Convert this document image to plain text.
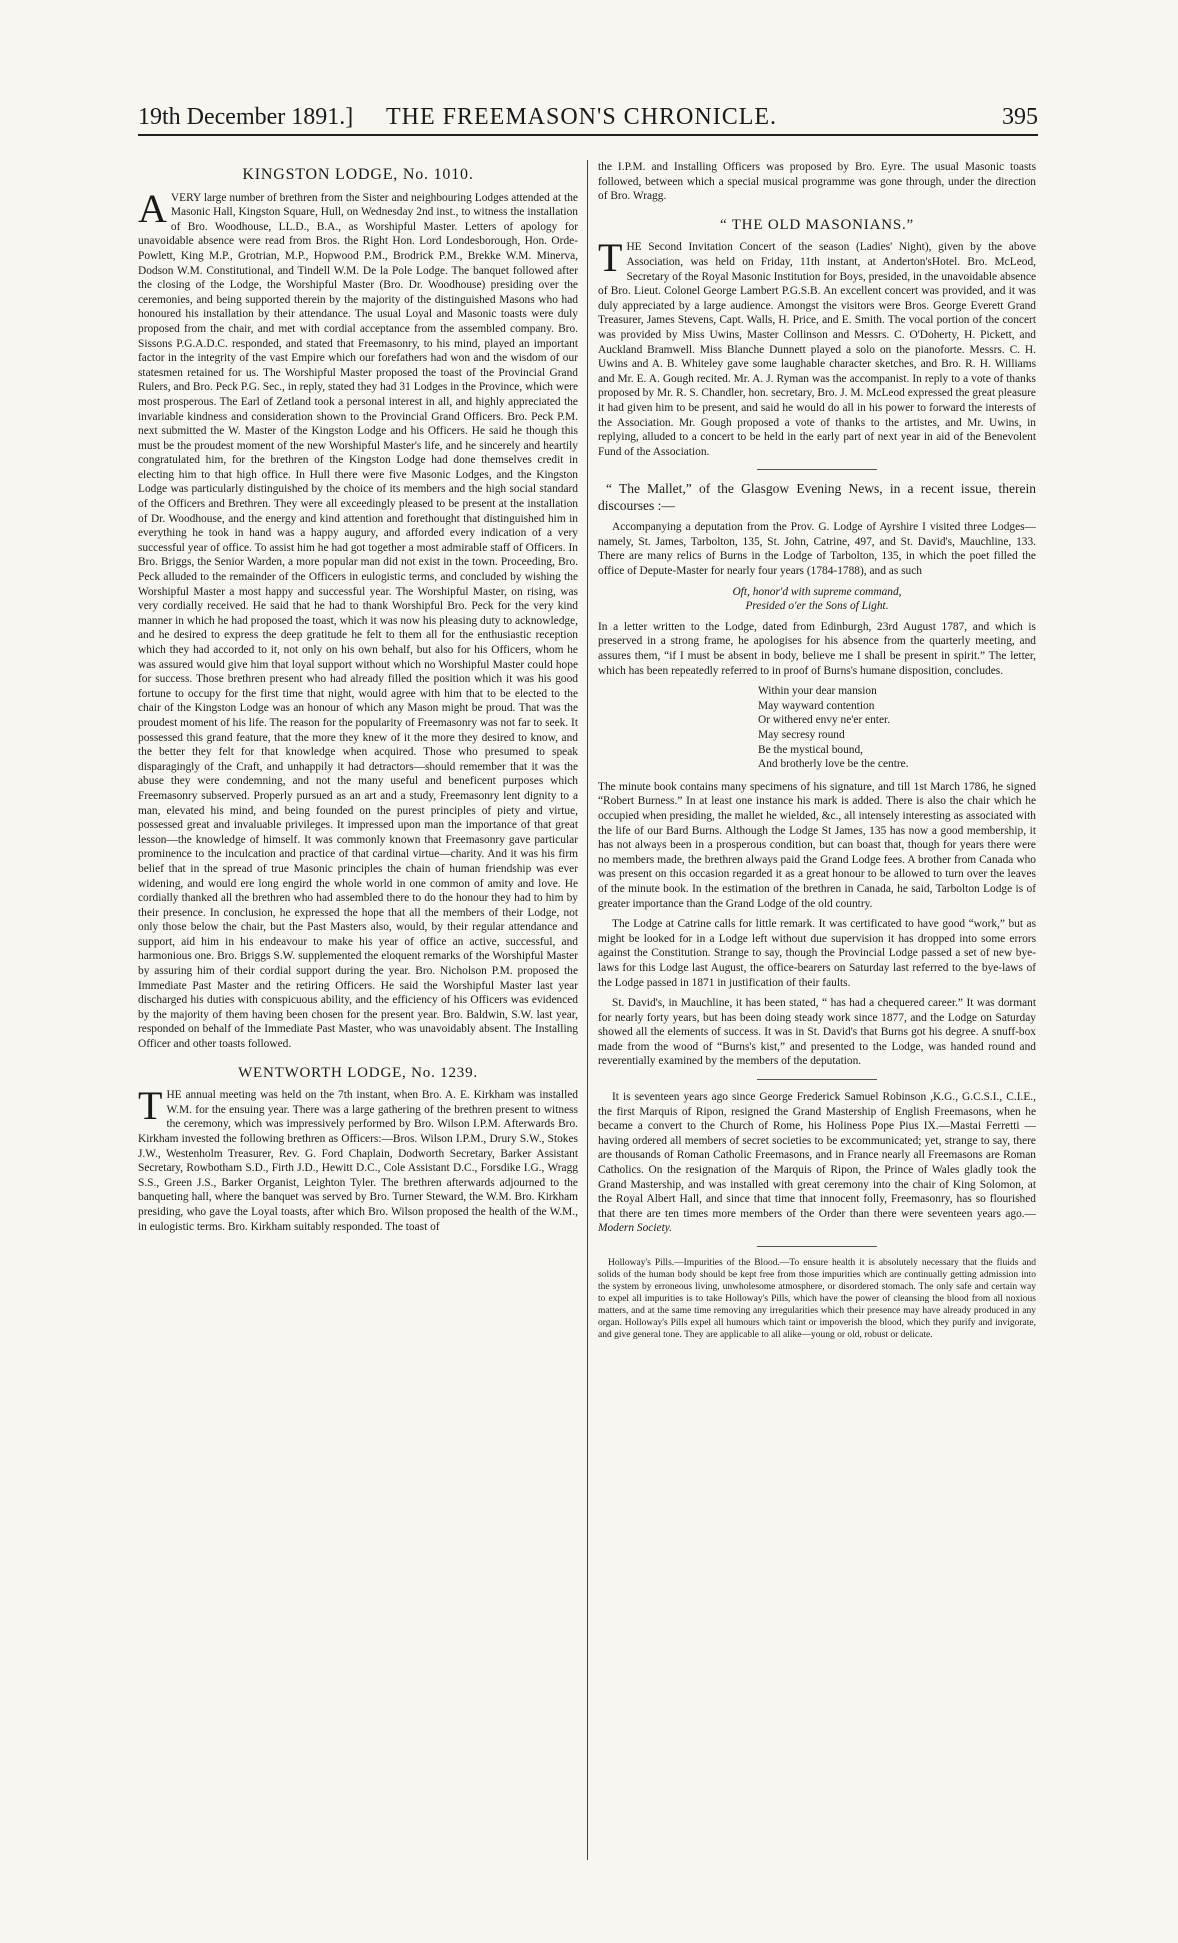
19th December 1891.] THE FREEMASON'S CHRONICLE.	395
KINGSTON LODGE, No. 1010.

AVERY large number of brethren from the Sister and neighbouring Lodges attended at the Masonic Hall, Kingston Square, Hull, on Wednesday 2nd inst., to witness the installation of Bro. Woodhouse, LL.D., B.A., as Worshipful Master. Letters of apology for unavoidable absence were read from Bros. the Right Hon. Lord Londesborough, Hon. Orde-Powlett, King M.P., Grotrian, M.P., Hopwood P.M., Brodrick P.M., Brekke W.M. Minerva, Dodson W.M. Constitutional, and Tindell W.M. De la Pole Lodge. The banquet followed after the closing of the Lodge, the Worshipful Master (Bro. Dr. Woodhouse) presiding over the ceremonies, and being supported therein by the majority of the distinguished Masons who had honoured his installation by their attendance. The usual Loyal and Masonic toasts were duly proposed from the chair, and met with cordial acceptance from the assembled company. Bro. Sissons P.G.A.D.C. responded, and stated that Freemasonry, to his mind, played an important factor in the integrity of the vast Empire which our forefathers had won and the wisdom of our statesmen retained for us. The Worshipful Master proposed the toast of the Provincial Grand Rulers, and Bro. Peck P.G. Sec., in reply, stated they had 31 Lodges in the Province, which were most prosperous. The Earl of Zetland took a personal interest in all, and highly appreciated the invariable kindness and consideration shown to the Provincial Grand Officers. Bro. Peck P.M. next submitted the W. Master of the Kingston Lodge and his Officers. He said he though this must be the proudest moment of the new Worshipful Master's life, and he sincerely and heartily congratulated him, for the brethren of the Kingston Lodge had done themselves credit in electing him to that high office. In Hull there were five Masonic Lodges, and the Kingston Lodge was particularly distinguished by the choice of its members and the high social standard of the Officers and Brethren. They were all exceedingly pleased to be present at the installation of Dr. Woodhouse, and the energy and kind attention and forethought that distinguished him in everything he took in hand was a happy augury, and afforded every indication of a very successful year of office. To assist him he had got together a most admirable staff of Officers. In Bro. Briggs, the Senior Warden, a more popular man did not exist in the town. Proceeding, Bro. Peck alluded to the remainder of the Officers in eulogistic terms, and concluded by wishing the Worshipful Master a most happy and successful year. The Worshipful Master, on rising, was very cordially received. He said that he had to thank Worshipful Bro. Peck for the very kind manner in which he had proposed the toast, which it was now his pleasing duty to acknowledge, and he desired to express the deep gratitude he felt to them all for the enthusiastic reception which they had accorded to it, not only on his own behalf, but also for his Officers, whom he was assured would give him that loyal support without which no Worshipful Master could hope for success. Those brethren present who had already filled the position which it was his good fortune to occupy for the first time that night, would agree with him that to be elected to the chair of the Kingston Lodge was an honour of which any Mason might be proud. That was the proudest moment of his life. The reason for the popularity of Freemasonry was not far to seek. It possessed this grand feature, that the more they knew of it the more they desired to know, and the better they felt for that knowledge when acquired. Those who presumed to speak disparagingly of the Craft, and unhappily it had detractors—should remember that it was the abuse they were condemning, and not the many useful and beneficent purposes which Freemasonry subserved. Properly pursued as an art and a study, Freemasonry lent dignity to a man, elevated his mind, and being founded on the purest principles of piety and virtue, possessed great and invaluable privileges. It impressed upon man the importance of that great lesson—the knowledge of himself. It was commonly known that Freemasonry gave particular prominence to the inculcation and practice of that cardinal virtue—charity. And it was his firm belief that in the spread of true Masonic principles the chain of human friendship was ever widening, and would ere long engird the whole world in one common of amity and love. He cordially thanked all the brethren who had assembled there to do the honour they had to him by their presence. In conclusion, he expressed the hope that all the members of their Lodge, not only those below the chair, but the Past Masters also, would, by their regular attendance and support, aid him in his endeavour to make his year of office an active, successful, and harmonious one. Bro. Briggs S.W. supplemented the eloquent remarks of the Worshipful Master by assuring him of their cordial support during the year. Bro. Nicholson P.M. proposed the Immediate Past Master and the retiring Officers. He said the Worshipful Master last year discharged his duties with conspicuous ability, and the efficiency of his Officers was evidenced by the majority of them having been chosen for the present year. Bro. Baldwin, S.W. last year, responded on behalf of the Immediate Past Master, who was unavoidably absent. The Installing Officer and other toasts followed.

WENTWORTH LODGE, No. 1239.

THE annual meeting was held on the 7th instant, when Bro. A. E. Kirkham was installed W.M. for the ensuing year. There was a large gathering of the brethren present to witness the ceremony, which was impressively performed by Bro. Wilson I.P.M. Afterwards Bro. Kirkham invested the following brethren as Officers:—Bros. Wilson I.P.M., Drury S.W., Stokes J.W., Westenholm Treasurer, Rev. G. Ford Chaplain, Dodworth Secretary, Barker Assistant Secretary, Rowbotham S.D., Firth J.D., Hewitt D.C., Cole Assistant D.C., Forsdike I.G., Wragg S.S., Green J.S., Barker Organist, Leighton Tyler. The brethren afterwards adjourned to the banqueting hall, where the banquet was served by Bro. Turner Steward, the W.M. Bro. Kirkham presiding, who gave the Loyal toasts, after which Bro. Wilson proposed the health of the W.M., in eulogistic terms. Bro. Kirkham suitably responded. The toast of

the I.P.M. and Installing Officers was proposed by Bro. Eyre. The usual Masonic toasts followed, between which a special musical programme was gone through, under the direction of Bro. Wragg.

“ THE OLD MASONIANS.”

THE Second Invitation Concert of the season (Ladies' Night), given by the above Association, was held on Friday, 11th instant, at Anderton'sHotel. Bro. McLeod, Secretary of the Royal Masonic Institution for Boys, presided, in the unavoidable absence of Bro. Lieut. Colonel George Lambert P.G.S.B. An excellent concert was provided, and it was duly appreciated by a large audience. Amongst the visitors were Bros. George Everett Grand Treasurer, James Stevens, Capt. Walls, H. Price, and E. Smith. The vocal portion of the concert was provided by Miss Uwins, Master Collinson and Messrs. C. O'Doherty, H. Pickett, and Auckland Bramwell. Miss Blanche Dunnett played a solo on the pianoforte. Messrs. C. H. Uwins and A. B. Whiteley gave some laughable character sketches, and Bro. R. H. Williams and Mr. E. A. Gough recited. Mr. A. J. Ryman was the accompanist. In reply to a vote of thanks proposed by Mr. R. S. Chandler, hon. secretary, Bro. J. M. McLeod expressed the great pleasure it had given him to be present, and said he would do all in his power to forward the interests of the Association. Mr. Gough proposed a vote of thanks to the artistes, and Mr. Uwins, in replying, alluded to a concert to be held in the early part of next year in aid of the Benevolent Fund of the Association.

“ The Mallet,” of the Glasgow Evening News, in a recent issue, therein discourses :—

Accompanying a deputation from the Prov. G. Lodge of Ayrshire I visited three Lodges—namely, St. James, Tarbolton, 135, St. John, Catrine, 497, and St. David's, Mauchline, 133. There are many relics of Burns in the Lodge of Tarbolton, 135, in which the poet filled the office of Depute-Master for nearly four years (1784-1788), and as such

Oft, honor'd with supreme command,
Presided o'er the Sons of Light.

In a letter written to the Lodge, dated from Edinburgh, 23rd August 1787, and which is preserved in a strong frame, he apologises for his absence from the quarterly meeting, and assures them, “if I must be absent in body, believe me I shall be present in spirit.” The letter, which has been repeatedly referred to in proof of Burns's humane disposition, concludes.

Within your dear mansion
May wayward contention
Or withered envy ne'er enter.
May secresy round
Be the mystical bound,
And brotherly love be the centre.

The minute book contains many specimens of his signature, and till 1st March 1786, he signed “Robert Burness.” In at least one instance his mark is added. There is also the chair which he occupied when presiding, the mallet he wielded, &c., all intensely interesting as associated with the life of our Bard Burns. Although the Lodge St James, 135 has now a good membership, it has not always been in a prosperous condition, but can boast that, though for years there were no members made, the brethren always paid the Grand Lodge fees. A brother from Canada who was present on this occasion regarded it as a great honour to be allowed to turn over the leaves of the minute book. In the estimation of the brethren in Canada, he said, Tarbolton Lodge is of greater importance than the Grand Lodge of the old country.

The Lodge at Catrine calls for little remark. It was certificated to have good “work,” but as might be looked for in a Lodge left without due supervision it has dropped into some errors against the Constitution. Strange to say, though the Provincial Lodge passed a set of new bye-laws for this Lodge last August, the office-bearers on Saturday last referred to the bye-laws of the Lodge passed in 1871 in justification of their faults.

St. David's, in Mauchline, it has been stated, “ has had a chequered career.” It was dormant for nearly forty years, but has been doing steady work since 1877, and the Lodge on Saturday showed all the elements of success. It was in St. David's that Burns got his degree. A snuff-box made from the wood of “Burns's kist,” and presented to the Lodge, was handed round and reverentially examined by the members of the deputation.

It is seventeen years ago since George Frederick Samuel Robinson ,K.G., G.C.S.I., C.I.E., the first Marquis of Ripon, resigned the Grand Mastership of English Freemasons, when he became a convert to the Church of Rome, his Holiness Pope Pius IX.—Mastai Ferretti —having ordered all members of secret societies to be excommunicated; yet, strange to say, there are thousands of Roman Catholic Freemasons, and in France nearly all Freemasons are Roman Catholics. On the resignation of the Marquis of Ripon, the Prince of Wales gladly took the Grand Mastership, and was installed with great ceremony into the chair of King Solomon, at the Royal Albert Hall, and since that time that innocent folly, Freemasonry, has so flourished that there are ten times more members of the Order than there were seventeen years ago.—Modern Society.

Holloway's Pills.—Impurities of the Blood.—To ensure health it is absolutely necessary that the fluids and solids of the human body should be kept free from those impurities which are continually getting admission into the system by erroneous living, unwholesome atmosphere, or disordered stomach. The only safe and certain way to expel all impurities is to take Holloway's Pills, which have the power of cleansing the blood from all noxious matters, and at the same time removing any irregularities which their presence may have already produced in any organ. Holloway's Pills expel all humours which taint or impoverish the blood, which they purify and invigorate, and give general tone. They are applicable to all alike—young or old, robust or delicate.
